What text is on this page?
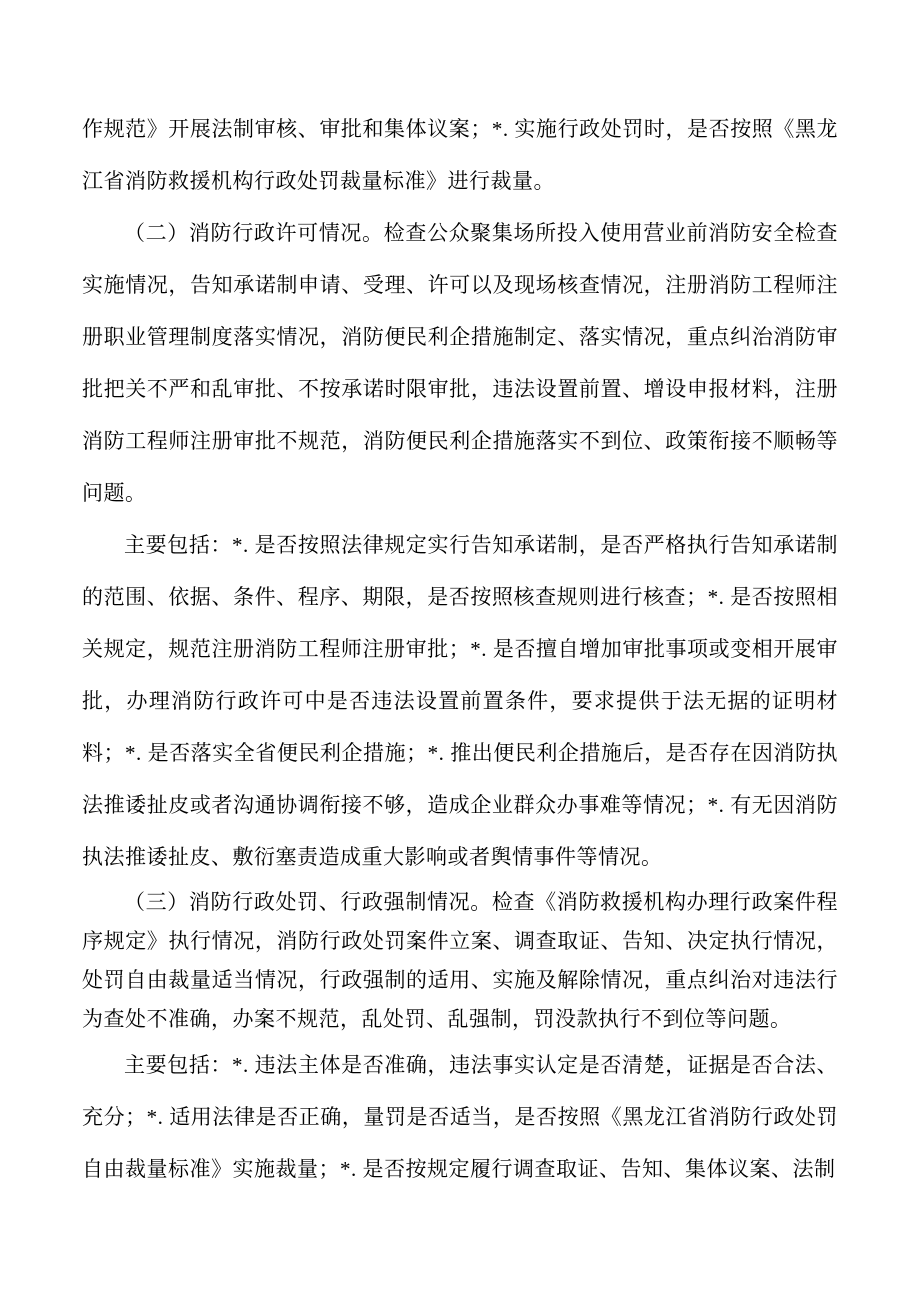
作规范》开展法制审核、审批和集体议案；*. 实施行政处罚时，是否按照《黑龙江省消防救援机构行政处罚裁量标准》进行裁量。

（二）消防行政许可情况。检查公众聚集场所投入使用营业前消防安全检查实施情况，告知承诺制申请、受理、许可以及现场核查情况，注册消防工程师注册职业管理制度落实情况，消防便民利企措施制定、落实情况，重点纠治消防审批把关不严和乱审批、不按承诺时限审批，违法设置前置、增设申报材料，注册消防工程师注册审批不规范，消防便民利企措施落实不到位、政策衔接不顺畅等问题。

主要包括：*. 是否按照法律规定实行告知承诺制，是否严格执行告知承诺制的范围、依据、条件、程序、期限，是否按照核查规则进行核查；*. 是否按照相关规定，规范注册消防工程师注册审批；*. 是否擅自增加审批事项或变相开展审批，办理消防行政许可中是否违法设置前置条件，要求提供于法无据的证明材料；*. 是否落实全省便民利企措施；*. 推出便民利企措施后，是否存在因消防执法推诿扯皮或者沟通协调衔接不够，造成企业群众办事难等情况；*. 有无因消防执法推诿扯皮、敷衍塞责造成重大影响或者舆情事件等情况。

（三）消防行政处罚、行政强制情况。检查《消防救援机构办理行政案件程序规定》执行情况，消防行政处罚案件立案、调查取证、告知、决定执行情况，处罚自由裁量适当情况，行政强制的适用、实施及解除情况，重点纠治对违法行为查处不准确，办案不规范，乱处罚、乱强制，罚没款执行不到位等问题。

主要包括：*. 违法主体是否准确，违法事实认定是否清楚，证据是否合法、充分；*. 适用法律是否正确，量罚是否适当，是否按照《黑龙江省消防行政处罚自由裁量标准》实施裁量；*. 是否按规定履行调查取证、告知、集体议案、法制
